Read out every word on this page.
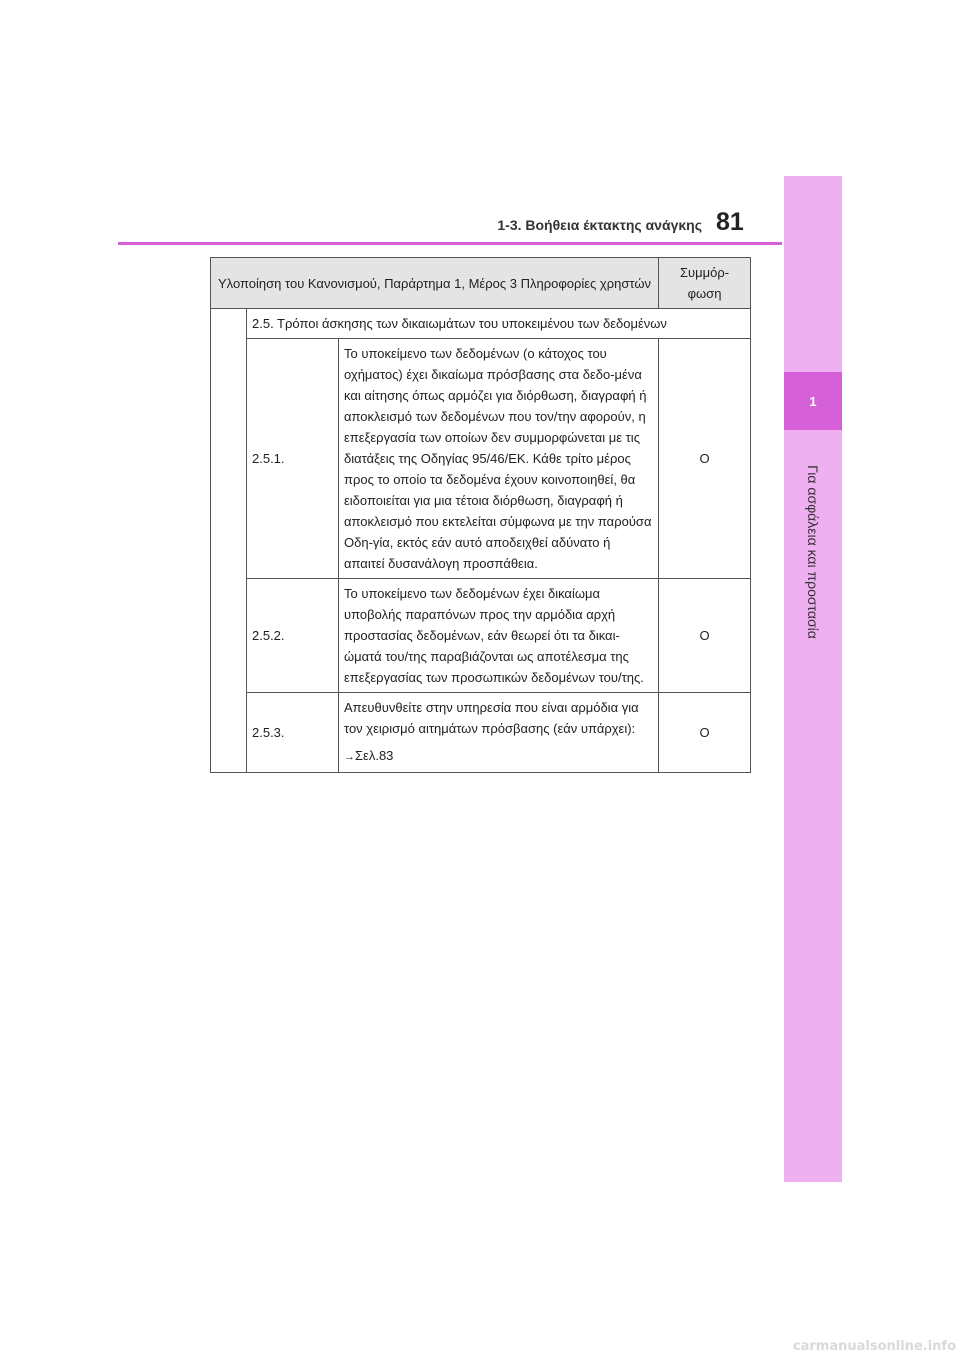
1
Για ασφάλεια και προστασία
1-3. Βοήθεια έκτακτης ανάγκης 81
Υλοποίηση του Κανονισμού, Παράρτημα 1, Μέρος 3 Πληροφορίες χρηστών			Συμμόρ-φωση
	2.5. Τρόποι άσκησης των δικαιωμάτων του υποκειμένου των δεδομένων		
	2.5.1.	Το υποκείμενο των δεδομένων (ο κάτοχος του οχήματος) έχει δικαίωμα πρόσβασης στα δεδο-μένα και αίτησης όπως αρμόζει για διόρθωση, διαγραφή ή αποκλεισμό των δεδομένων που τον/την αφορούν, η επεξεργασία των οποίων δεν συμμορφώνεται με τις διατάξεις της Οδηγίας 95/46/ΕΚ. Κάθε τρίτο μέρος προς το οποίο τα δεδομένα έχουν κοινοποιηθεί, θα ειδοποιείται για μια τέτοια διόρθωση, διαγραφή ή αποκλεισμό που εκτελείται σύμφωνα με την παρούσα Οδη-γία, εκτός εάν αυτό αποδειχθεί αδύνατο ή απαιτεί δυσανάλογη προσπάθεια.	O
	2.5.2.	Το υποκείμενο των δεδομένων έχει δικαίωμα υποβολής παραπόνων προς την αρμόδια αρχή προστασίας δεδομένων, εάν θεωρεί ότι τα δικαι-ώματά του/της παραβιάζονται ως αποτέλεσμα της επεξεργασίας των προσωπικών δεδομένων του/της.	O
	2.5.3.	Απευθυνθείτε στην υπηρεσία που είναι αρμόδια για τον χειρισμό αιτημάτων πρόσβασης (εάν υπάρχει):
→Σελ.83	O
carmanualsonline.info
